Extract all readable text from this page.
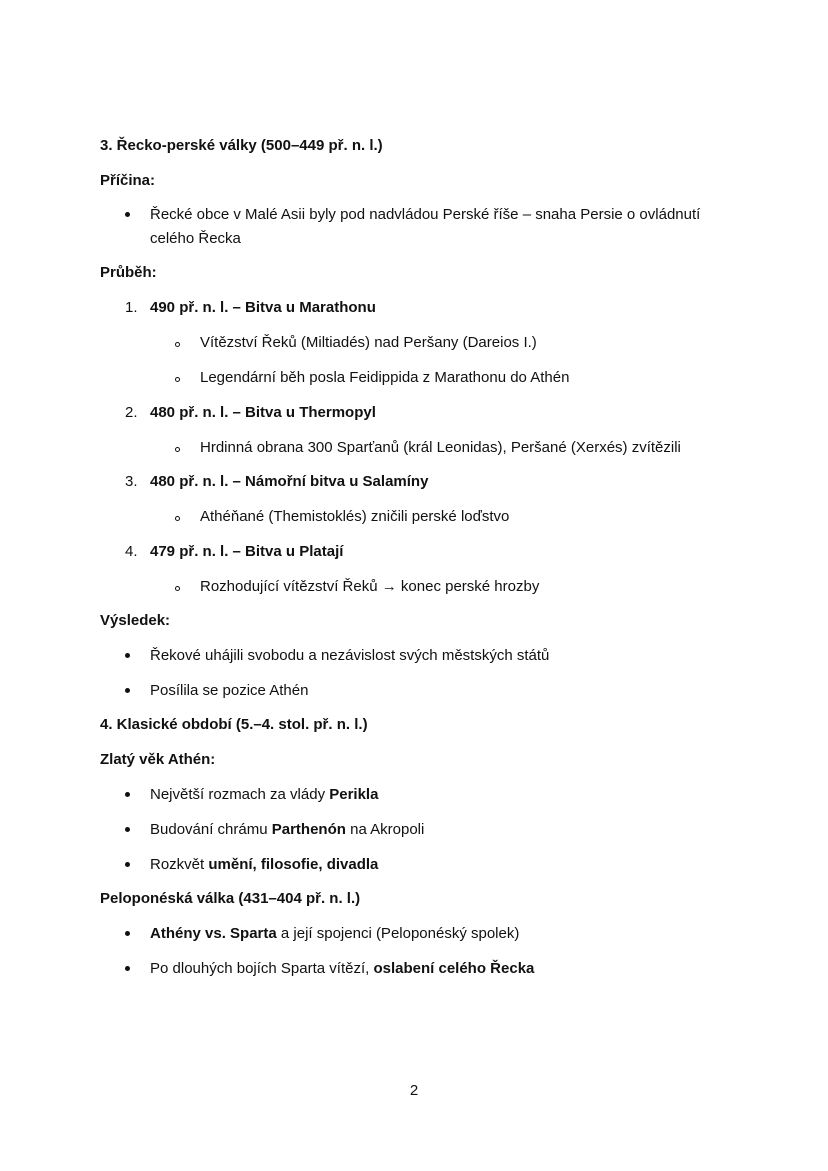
3. Řecko-perské války (500–449 př. n. l.)
Příčina:
Řecké obce v Malé Asii byly pod nadvládou Perské říše – snaha Persie o ovládnutí
celého Řecka
Průběh:
1. 490 př. n. l. – Bitva u Marathonu
Vítězství Řeků (Miltiadés) nad Peršany (Dareios I.)
Legendární běh posla Feidippida z Marathonu do Athén
2. 480 př. n. l. – Bitva u Thermopyl
Hrdinná obrana 300 Sparťanů (král Leonidas), Peršané (Xerxés) zvítězili
3. 480 př. n. l. – Námořní bitva u Salamíny
Athéňané (Themistoklés) zničili perské loďstvo
4. 479 př. n. l. – Bitva u Platají
Rozhodující vítězství Řeků → konec perské hrozby
Výsledek:
Řekové uhájili svobodu a nezávislost svých městských států
Posílila se pozice Athén
4. Klasické období (5.–4. stol. př. n. l.)
Zlatý věk Athén:
Největší rozmach za vlády Perikla
Budování chrámu Parthenón na Akropoli
Rozkvět umění, filosofie, divadla
Peloponéská válka (431–404 př. n. l.)
Athény vs. Sparta a její spojenci (Peloponéský spolek)
Po dlouhých bojích Sparta vítězí, oslabení celého Řecka
2
